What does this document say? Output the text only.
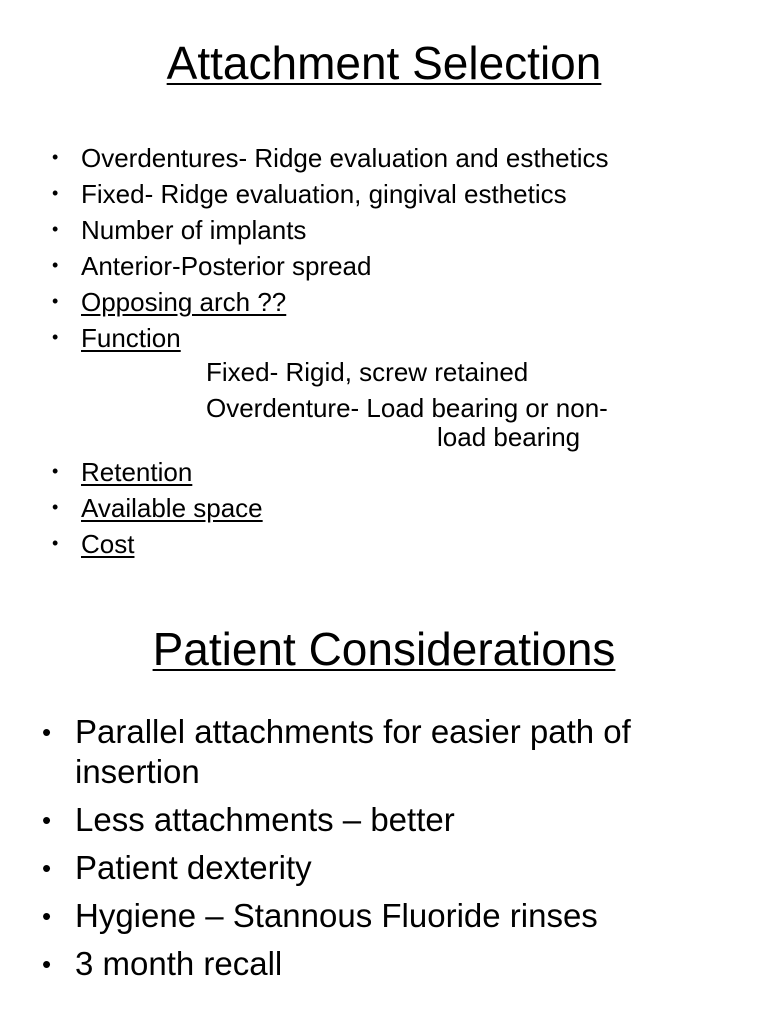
Attachment Selection
• Overdentures- Ridge evaluation and esthetics
• Fixed- Ridge evaluation, gingival esthetics
• Number of implants
• Anterior-Posterior spread
• Opposing arch ??
• Function
Fixed- Rigid, screw retained
Overdenture- Load bearing or non-
load bearing
• Retention
• Available space
• Cost
Patient Considerations
• Parallel attachments for easier path of insertion
• Less attachments – better
• Patient dexterity
• Hygiene – Stannous Fluoride rinses
• 3 month recall
